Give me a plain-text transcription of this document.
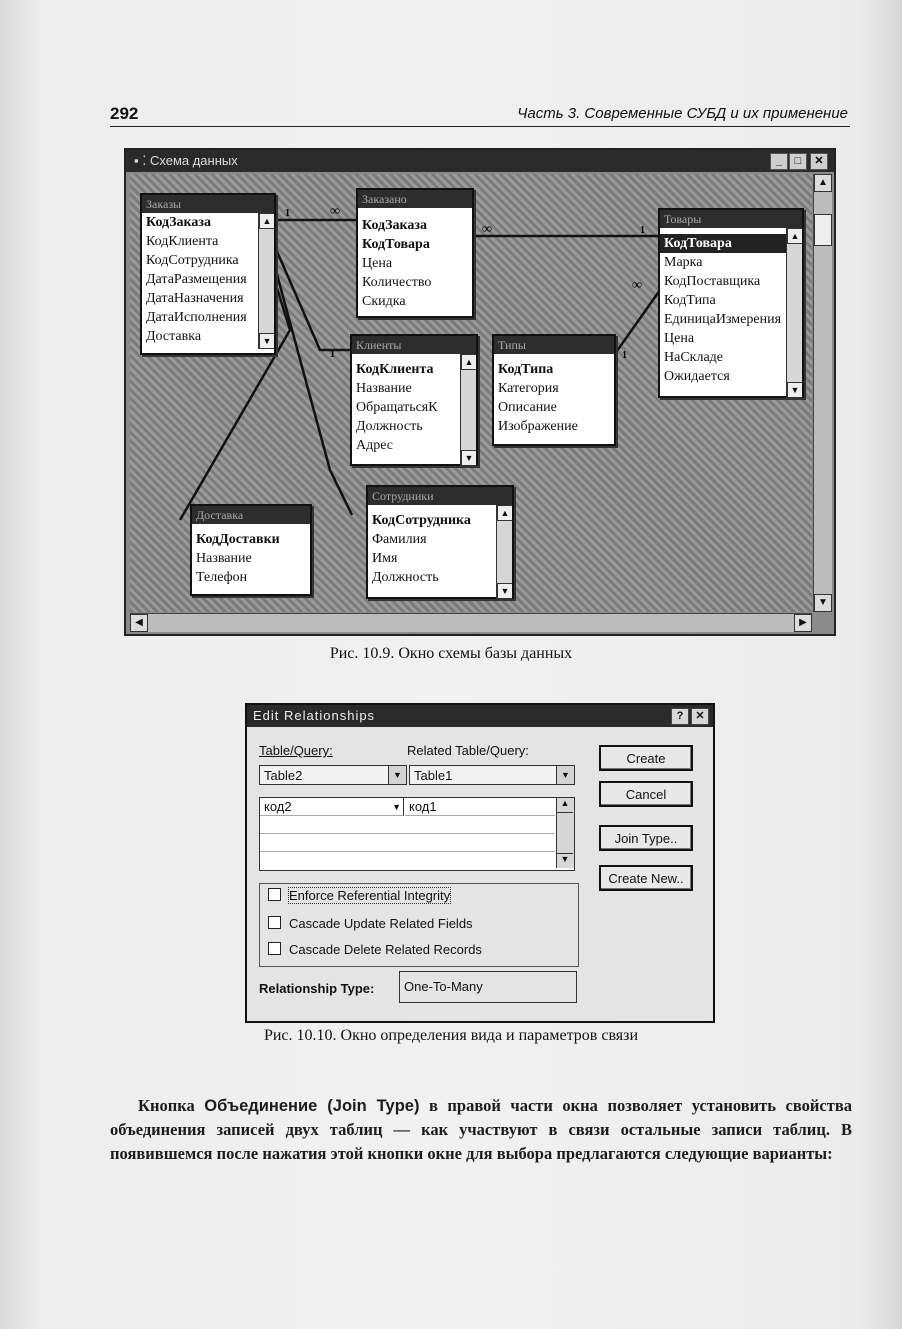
292	Часть 3. Современные СУБД и их применение
▪ ⁚ Схема данных	_	□	✕
▲
▼
◀	▶
1	∞
∞	1
∞
1
1
Заказы
КодЗаказа
КодКлиента
КодСотрудника
ДатаРазмещения
ДатаНазначения
ДатаИсполнения
Доставка
▲
▼
Заказано
КодЗаказа
КодТовара
Цена
Количество
Скидка
Товары
КодТовара
Марка
КодПоставщика
КодТипа
ЕдиницаИзмерения
Цена
НаСкладе
Ожидается
▲
▼
Клиенты
КодКлиента
Название
ОбращатьсяК
Должность
Адрес
▲
▼
Типы
КодТипа
Категория
Описание
Изображение
Доставка
КодДоставки
Название
Телефон
Сотрудники
КодСотрудника
Фамилия
Имя
Должность
▲
▼
Рис. 10.9. Окно схемы базы данных
Edit Relationships	?	✕
Table/Query:	Related Table/Query:
Table2	▼ Table1	▼
код2	▼ код1	▲
▼
Create
Cancel
Join Type..
Create New..
Enforce Referential Integrity
Cascade Update Related Fields
Cascade Delete Related Records
Relationship Type:	One-To-Many
Рис. 10.10. Окно определения вида и параметров связи
Кнопка Объединение (Join Type) в правой части окна позволяет установить свойства объединения записей двух таблиц — как участвуют в связи остальные записи таблиц. В появившемся после нажатия этой кнопки окне для выбора предлагаются следующие варианты:
